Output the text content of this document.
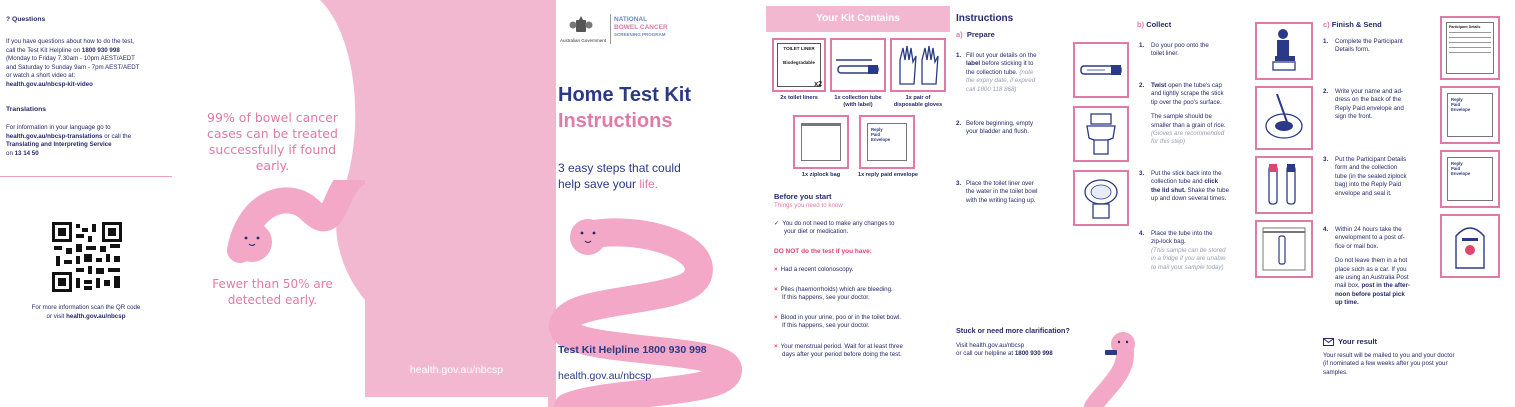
? Questions
If you have questions about how to do the test,
call the Test Kit Helpline on 1800 930 998
(Monday to Friday 7.30am - 10pm AEST/AEDT
and Saturday to Sunday 9am - 7pm AEST/AEDT
or watch a short video at:
health.gov.au/nbcsp-kit-video
Translations
For information in your language go to
health.gov.au/nbcsp-translations or call the
Translating and Interpreting Service
on 13 14 50
For more information scan the QR code
or visit health.gov.au/nbcsp
99% of bowel cancer
cases can be treated
successfully if found
early.
Fewer than 50% are
detected early.
health.gov.au/nbcsp
Australian Government
NATIONAL
BOWEL CANCER
SCREENING PROGRAM
Home Test Kit
Instructions
3 easy steps that could
help save your life.
Test Kit Helpline 1800 930 998
health.gov.au/nbcsp
Your Kit Contains
TOILET LINER
Biodegradable
x2
2x toilet liners	1x collection tube
(with label)
1x pair of
disposable gloves
Reply
Paid
Envelope
1x ziplock bag	1x reply paid envelope
Before you start
Things you need to know
✓ You do not need to make any changes to
your diet or medication.
DO NOT do the test if you have:
× Had a recent colonoscopy.
× Piles (haemorrhoids) which are bleeding.
If this happens, see your doctor.
× Blood in your urine, poo or in the toilet bowl.
If this happens, see your doctor.
× Your menstrual period. Wait for at least three
days after your period before doing the test.
Instructions
a) Prepare
1. Fill out your details on the
label before sticking it to
the collection tube. (note
the expiry date, if expired
call 1800 118 868)
2. Before beginning, empty
your bladder and flush.
3. Place the toilet liner over
the water in the toilet bowl
with the writing facing up.
Stuck or need more clarification?
Visit health.gov.au/nbcsp
or call our helpline at 1800 930 998
b) Collect
1.	Do your poo onto the
toilet liner.
2.	Twist open the tube's cap
and lightly scrape the stick
tip over the poo's surface.
The sample should be
smaller than a grain of rice.
(Gloves are recommended
for this step)
3.	Put the stick back into the
collection tube and click
the lid shut. Shake the tube
up and down several times.
4.	Place the tube into the
zip-lock bag.
(This sample can be stored
in a fridge if you are unable
to mail your sample today)
c) Finish & Send
1.	Complete the Participant
Details form.
2.	Write your name and ad-
dress on the back of the
Reply Paid envelope and
sign the front.
3.	Put the Participant Details
form and the collection
tube (in the sealed ziplock
bag) into the Reply Paid
envelope and seal it.
4.	Within 24 hours take the
envelopment to a post of-
fice or mail box.
Do not leave them in a hot
place such as a car. If you
are using an Australia Post
mail box, post in the after-
noon before postal pick
up time.
Participant Details
Reply
Paid
Envelope
Reply
Paid
Envelope
Your result
Your result will be mailed to you and your doctor
(if nominated a few weeks after you post your
samples.
